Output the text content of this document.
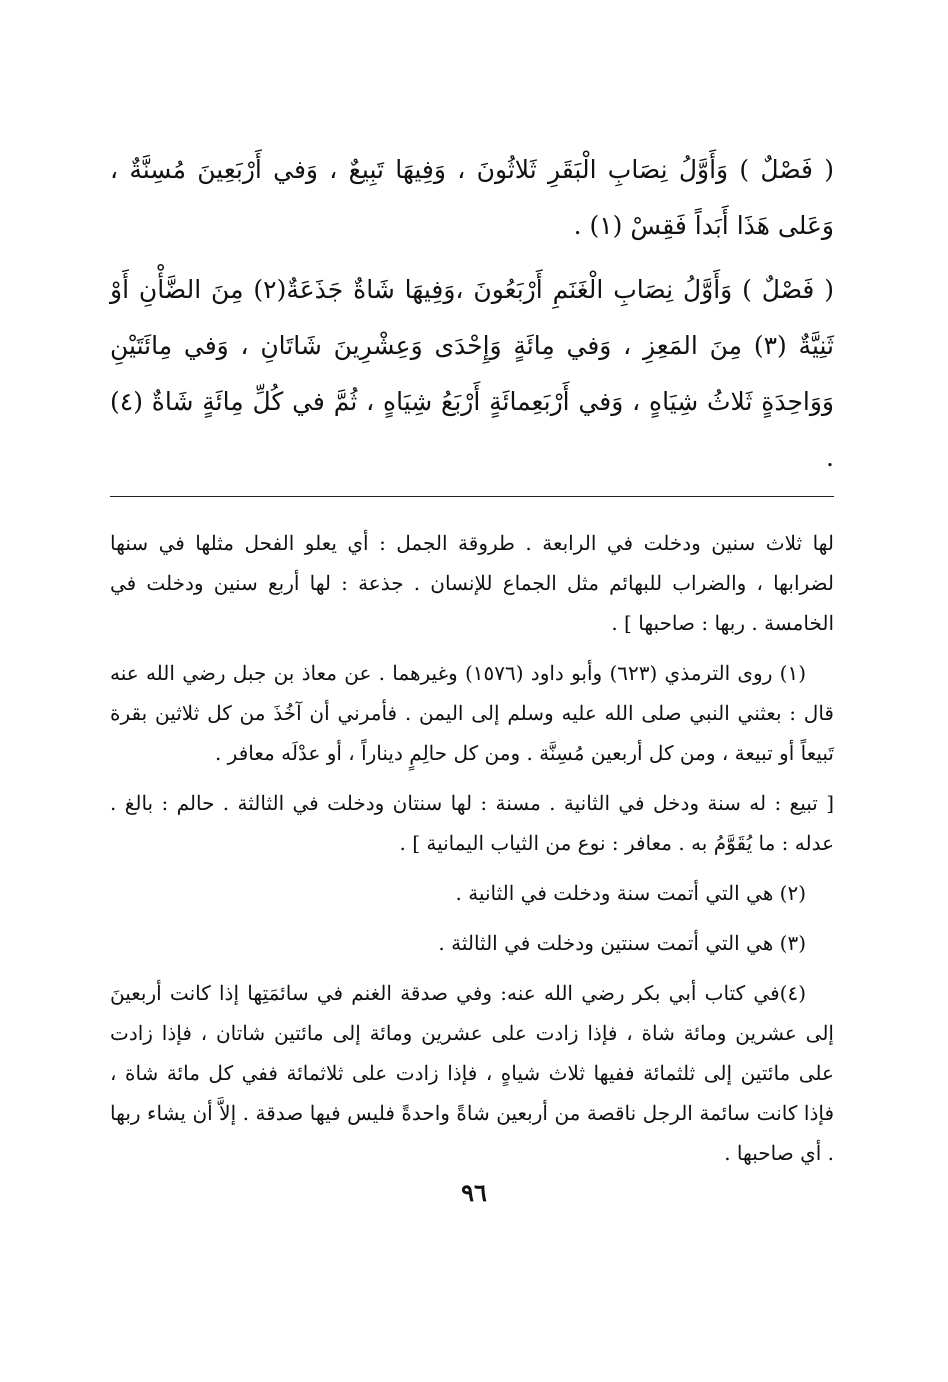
( فَصْلٌ ) وَأَوَّلُ نِصَابِ الْبَقَرِ ثَلاثُونَ ، وَفِيهَا تَبِيعٌ ، وَفي أَرْبَعِينَ مُسِنَّةٌ ، وَعَلى هَذَا أَبَداً فَقِسْ (١) .

( فَصْلٌ ) وَأَوَّلُ نِصَابِ الْغَنَمِ أَرْبَعُونَ ،وَفِيهَا شَاةٌ جَذَعَةٌ(٢) مِنَ الضَّأْنِ أَوْ ثَنِيَّةٌ (٣) مِنَ المَعِزِ ، وَفي مِائَةٍ وَإِحْدَى وَعِشْرِينَ شَاتَانِ ، وَفي مِائَتَيْنِ وَوَاحِدَةٍ ثَلاثُ شِيَاهٍ ، وَفي أَرْبَعِمائَةٍ أَرْبَعُ شِيَاهٍ ، ثُمَّ في كُلِّ مِائَةٍ شَاةٌ (٤) .

لها ثلاث سنين ودخلت في الرابعة . طروقة الجمل : أي يعلو الفحل مثلها في سنها لضرابها ، والضراب للبهائم مثل الجماع للإنسان . جذعة : لها أربع سنين ودخلت في الخامسة . ربها : صاحبها ] .

(١) روى الترمذي (٦٢٣) وأبو داود (١٥٧٦) وغيرهما . عن معاذ بن جبل رضي الله عنه قال : بعثني النبي صلى الله عليه وسلم إلى اليمن . فأمرني أن آخُذَ من كل ثلاثين بقرة تَبيعاً أو تبيعة ، ومن كل أربعين مُسِنَّة . ومن كل حالِمٍ ديناراً ، أو عدْلَه معافر .

[ تبيع : له سنة ودخل في الثانية . مسنة : لها سنتان ودخلت في الثالثة . حالم : بالغ . عدله : ما يُقَوَّمُ به . معافر : نوع من الثياب اليمانية ] .

(٢) هي التي أتمت سنة ودخلت في الثانية .

(٣) هي التي أتمت سنتين ودخلت في الثالثة .

(٤)في كتاب أبي بكر رضي الله عنه: وفي صدقة الغنم في سائمَتِها إذا كانت أربعينَ إلى عشرين ومائة شاة ، فإذا زادت على عشرين ومائة إلى مائتين شاتان ، فإذا زادت على مائتين إلى ثلثمائة ففيها ثلاث شياهٍ ، فإذا زادت على ثلاثمائة ففي كل مائة شاة ، فإذا كانت سائمة الرجل ناقصة من أربعين شاةً واحدةً فليس فيها صدقة . إلاَّ أن يشاء ربها . أي صاحبها .

٩٦
